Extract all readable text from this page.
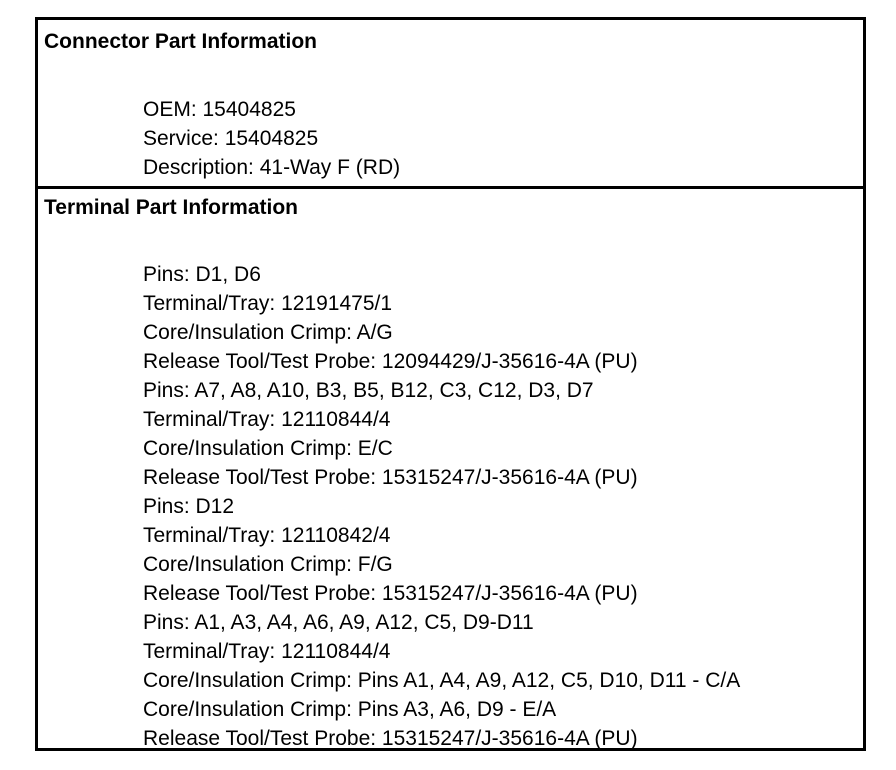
Connector Part Information
OEM: 15404825
Service: 15404825
Description: 41-Way F (RD)
Terminal Part Information
Pins: D1, D6
Terminal/Tray: 12191475/1
Core/Insulation Crimp: A/G
Release Tool/Test Probe: 12094429/J-35616-4A (PU)
Pins: A7, A8, A10, B3, B5, B12, C3, C12, D3, D7
Terminal/Tray: 12110844/4
Core/Insulation Crimp: E/C
Release Tool/Test Probe: 15315247/J-35616-4A (PU)
Pins: D12
Terminal/Tray: 12110842/4
Core/Insulation Crimp: F/G
Release Tool/Test Probe: 15315247/J-35616-4A (PU)
Pins: A1, A3, A4, A6, A9, A12, C5, D9-D11
Terminal/Tray: 12110844/4
Core/Insulation Crimp: Pins A1, A4, A9, A12, C5, D10, D11 - C/A
Core/Insulation Crimp: Pins A3, A6, D9 - E/A
Release Tool/Test Probe: 15315247/J-35616-4A (PU)
